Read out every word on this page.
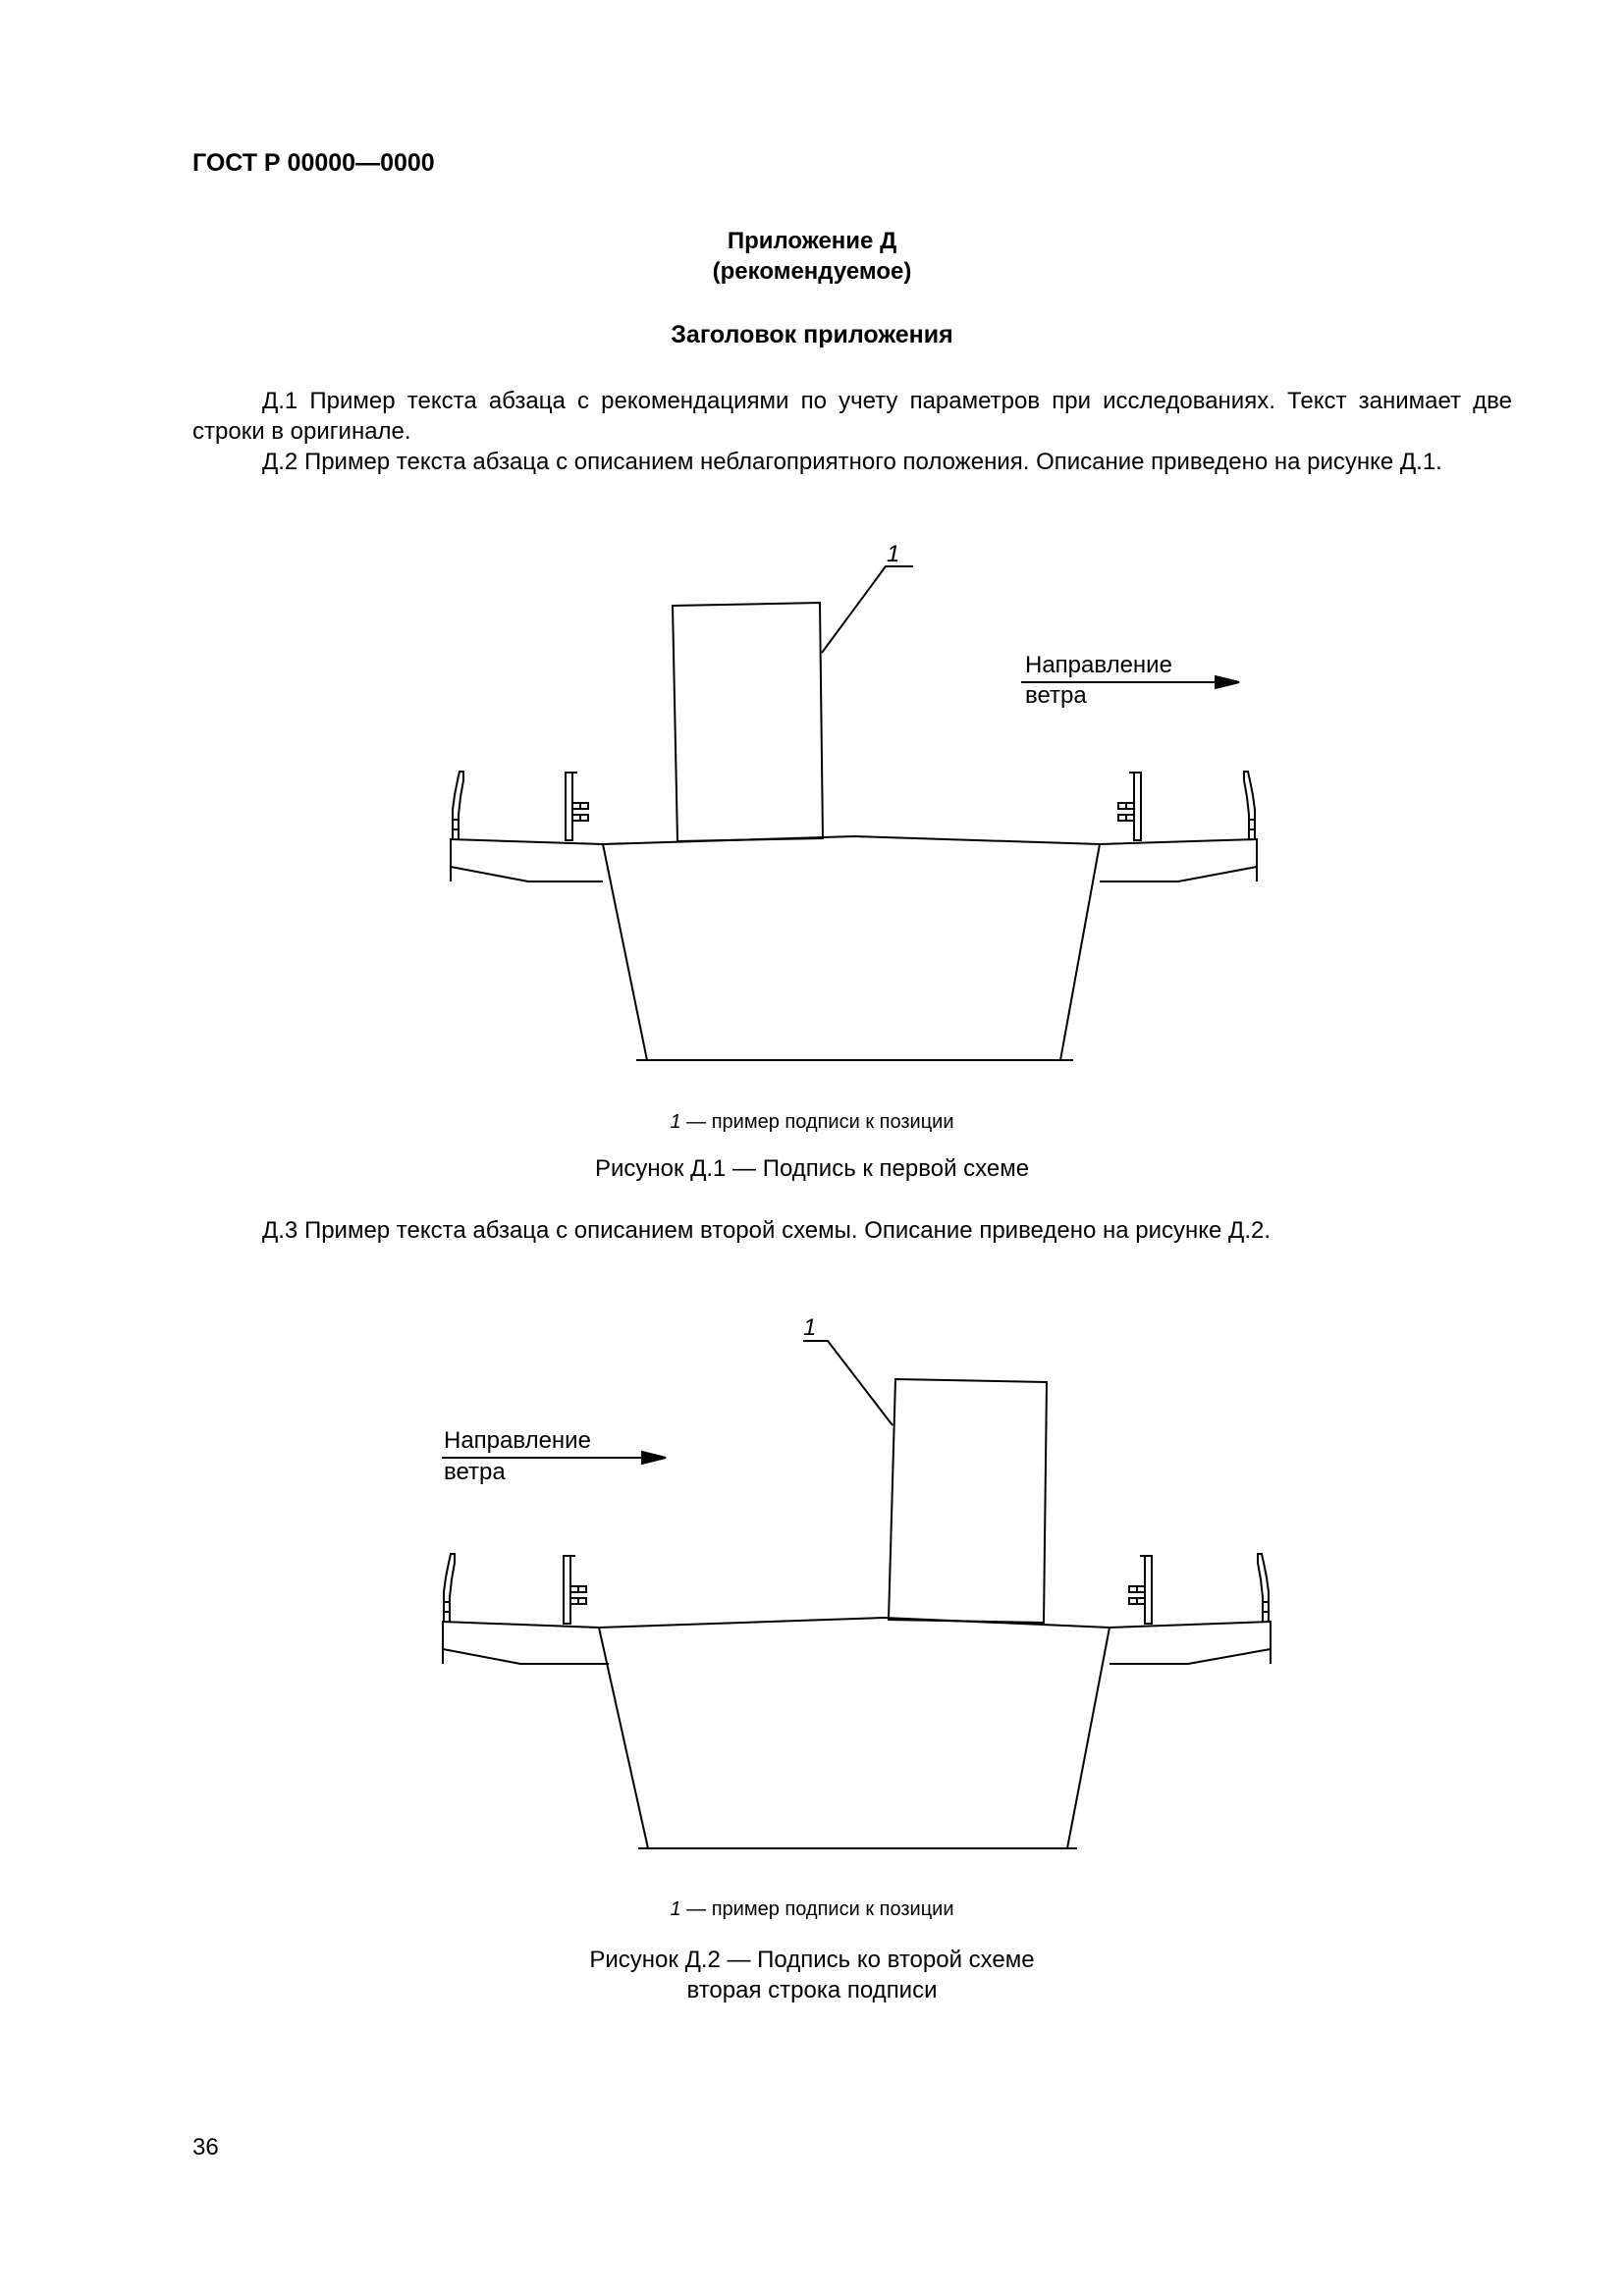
ГОСТ Р 00000—0000
Приложение Д
(рекомендуемое)
Заголовок приложения
Д.1 Пример текста абзаца с рекомендациями по учету параметров при исследованиях. Текст занимает две строки в оригинале.
Д.2 Пример текста абзаца с описанием неблагоприятного положения. Описание приведено на рисунке Д.1.
1
Направление
ветра
1 — пример подписи к позиции
Рисунок Д.1 — Подпись к первой схеме
Д.3 Пример текста абзаца с описанием второй схемы. Описание приведено на рисунке Д.2.
1
Направление
ветра
1 — пример подписи к позиции
Рисунок Д.2 — Подпись ко второй схеме
вторая строка подписи
36
